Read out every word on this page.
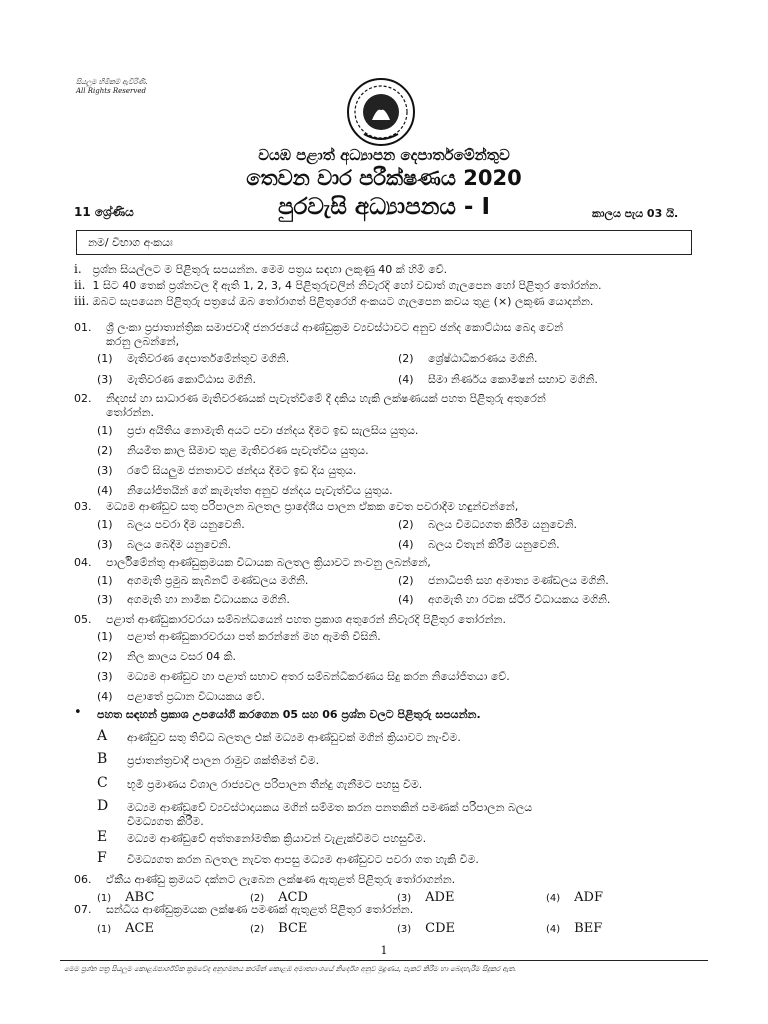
සියලුම හිමිකම් ඇවිරිණි.
All Rights Reserved
වයඹ පළාත් අධ්‍යාපන දෙපාර්තමේන්තුව
තෙවන වාර පරීක්ෂණය 2020
11 ශ්‍රේණිය	පුරවැසි අධ්‍යාපනය - I	කාලය පැය 03 යි.
නම/ විභාග අංකයඃ
i. ප්‍රශ්න සියල්ලට ම පිළිතුරු සපයන්න. මෙම පත්‍රය සඳහා ලකුණු 40 ක් හිමි වේ.
ii. 1 සිට 40 තෙක් ප්‍රශ්නවල දී ඇති 1, 2, 3, 4 පිළිතුරුවලින් නිවැරදි හෝ වඩාත් ගැලපෙන හෝ පිළිතුර තෝරන්න.
iii. ඔබට සැපයෙන පිළිතුරු පත්‍රයේ ඔබ තෝරාගත් පිළිතුරෙහි අංකයට ගැලපෙන කවය තුළ (×) ලකුණ යොදන්න.
01. ශ්‍රී ලංකා ප්‍රජාතාන්ත්‍රික සමාජවාදී ජනරජයේ ආණ්ඩුක්‍රම ව්‍යවස්ථාවට අනුව ඡන්ද කොට්ඨාස බෙදා වෙන්
කරනු ලබන්නේ,
(1) මැතිවරණ දෙපාර්තමේන්තුව මගිනි.	(2) ශ්‍රේෂ්ඨාධිකරණය මගිනි.
(3) මැතිවරණ කොට්ඨාස මගිනි.	(4) සීමා නිර්ණය කොමිෂන් සභාව මගිනි.
02. නිදහස් හා සාධාරණ මැතිවරණයක් පැවැත්වීමේ දී දකිය හැකි ලක්ෂණයක් පහත පිළිතුරු අතුරෙන්
තෝරන්න.
(1) ප්‍රජා අයිතිය නොමැති අයට පවා ඡන්දය දීමට ඉඩ සැලසිය යුතුය.
(2) නියමිත කාල සීමාව තුළ මැතිවරණ පැවැත්විය යුතුය.
(3) රටේ සියලුම ජනතාවට ඡන්දය දීමට ඉඩ දිය යුතුය.
(4) නියෝජිතයින් ගේ කැමැත්ත අනුව ඡන්දය පැවැත්විය යුතුය.
03. මධ්‍යම ආණ්ඩුව සතු පරිපාලන බලතල ප්‍රාදේශීය පාලන ඒකක වෙත පවරාදීම හඳුන්වන්නේ,
(1) බලය පවරා දීම යනුවෙනි.	(2) බලය විමධ්‍යගත කිරීම යනුවෙනි.
(3) බලය බෙදීම යනුවෙනි.	(4) බලය විතැන් කිරීම යනුවෙනි.
04. පාර්ලිමේන්තු ආණ්ඩුක්‍රමයක විධායක බලතල ක්‍රියාවට නංවනු ලබන්නේ,
(1) අගමැති ප්‍රමුඛ කැබිනට් මණ්ඩලය මගිනි.	(2) ජනාධිපති සහ අමාත්‍ය මණ්ඩලය මගිනි.
(3) අගමැති හා නාමික විධායකය මගිනි.	(4) අගමැති හා රටක ස්ථිර විධායකය මගිනි.
05. පළාත් ආණ්ඩුකාරවරයා සම්බන්ධයෙන් පහත ප්‍රකාශ අතුරෙන් නිවැරදි පිළිතුර තෝරන්න.
(1) පළාත් ආණ්ඩුකාරවරයා පත් කරන්නේ මහ ඇමති විසිනි.
(2) නිල කාලය වසර 04 කි.
(3) මධ්‍යම ආණ්ඩුව හා පළාත් සභාව අතර සම්බන්ධීකරණය සිදු කරන නියෝජිතයා වේ.
(4) පළාතේ ප්‍රධාන විධායකය වේ.
• පහත සඳහන් ප්‍රකාශ උපයෝගී කරගෙන 05 සහ 06 ප්‍රශ්න වලට පිළිතුරු සපයන්න.
A ආණ්ඩුව සතු තිවිධ බලතල එක් මධ්‍යම ආණ්ඩුවක් මගින් ක්‍රියාවට නැංවීම.
B ප්‍රජාතන්ත්‍රවාදී පාලන රාමුව ශක්තිමත් වීම.
C භූමි ප්‍රමාණය විශාල රාජ්‍යවල පරිපාලන තීන්දු ගැනීමට පහසු වීම.
D මධ්‍යම ආණ්ඩුවේ ව්‍යවස්ථාදායකය මගින් සම්මත කරන පනතකින් පමණක් පරිපාලන බලය
විමධ්‍යගත කිරීම.
E මධ්‍යම ආණ්ඩුවේ අත්තනෝමතික ක්‍රියාවන් වැළැක්වීමට පහසුවීම.
F විමධ්‍යගත කරන බලතල නැවත ආපසු මධ්‍යම ආණ්ඩුවට පවරා ගත හැකි වීම.
06. ඒකීය ආණ්ඩු ක්‍රමයට දක්නට ලැබෙන ලක්ෂණ ඇතුළත් පිළිතුරු තෝරාගන්න.
(1) ABC	(2) ACD	(3) ADE	(4) ADF
07. සන්ධීය ආණ්ඩුක්‍රමයක ලක්ෂණ පමණක් ඇතුළත් පිළිතුර තෝරන්න.
(1) ACE	(2) BCE	(3) CDE	(4) BEF
1
මෙම ප්‍රශ්න පත්‍ර සියලුම කොළඹපාර්ශ්වික ක්‍රමවේද අනුගමනය කරමින් කොළඹ අමාත්‍යාංශයේ නිර්දේශ අනුව මුද්‍රණය, පැකට් කිරීම හා බෙදාහැරීම සිදුකර ඇත.
